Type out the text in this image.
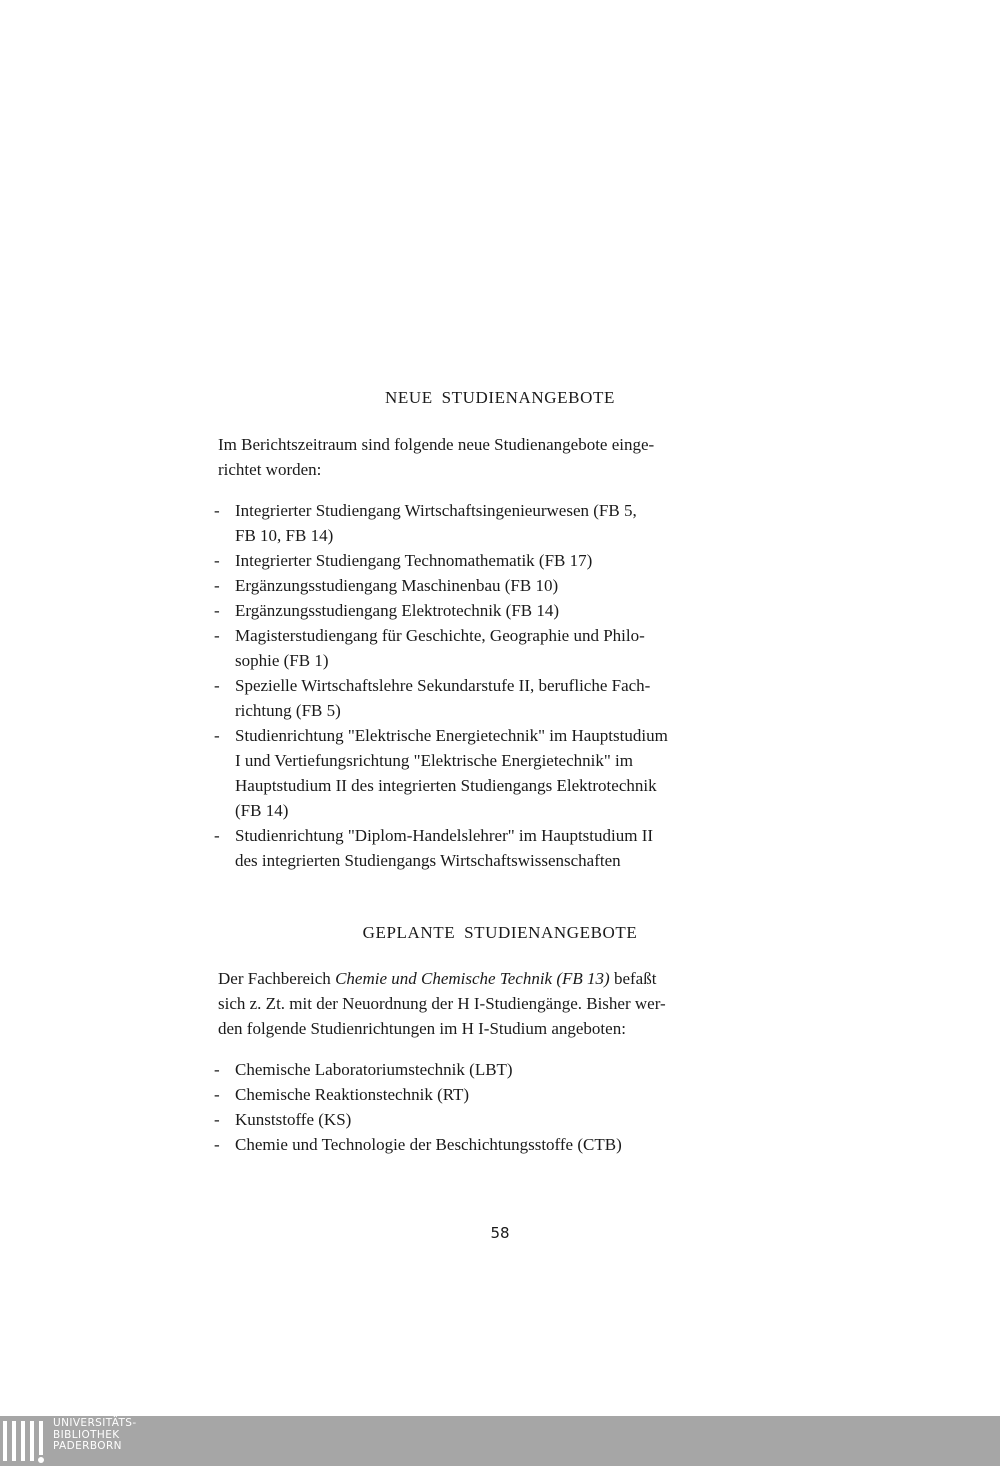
NEUE STUDIENANGEBOTE

Im Berichtszeitraum sind folgende neue Studienangebote einge-

richtet worden:

- Integrierter Studiengang Wirtschaftsingenieurwesen (FB 5,
FB 10, FB 14)
- Integrierter Studiengang Technomathematik (FB 17)
- Ergänzungsstudiengang Maschinenbau (FB 10)
- Ergänzungsstudiengang Elektrotechnik (FB 14)
- Magisterstudiengang für Geschichte, Geographie und Philo-
sophie (FB 1)
- Spezielle Wirtschaftslehre Sekundarstufe II, berufliche Fach-
richtung (FB 5)
- Studienrichtung "Elektrische Energietechnik" im Hauptstudium
I und Vertiefungsrichtung "Elektrische Energietechnik" im
Hauptstudium II des integrierten Studiengangs Elektrotechnik
(FB 14)
- Studienrichtung "Diplom-Handelslehrer" im Hauptstudium II
des integrierten Studiengangs Wirtschaftswissenschaften
GEPLANTE STUDIENANGEBOTE

Der Fachbereich Chemie und Chemische Technik (FB 13) befaßt

sich z. Zt. mit der Neuordnung der H I-Studiengänge. Bisher wer-

den folgende Studienrichtungen im H I-Studium angeboten:

- Chemische Laboratoriumstechnik (LBT)
- Chemische Reaktionstechnik (RT)
- Kunststoffe (KS)
- Chemie und Technologie der Beschichtungsstoffe (CTB)
58
UNIVERSITÄTS-
BIBLIOTHEK
PADERBORN
